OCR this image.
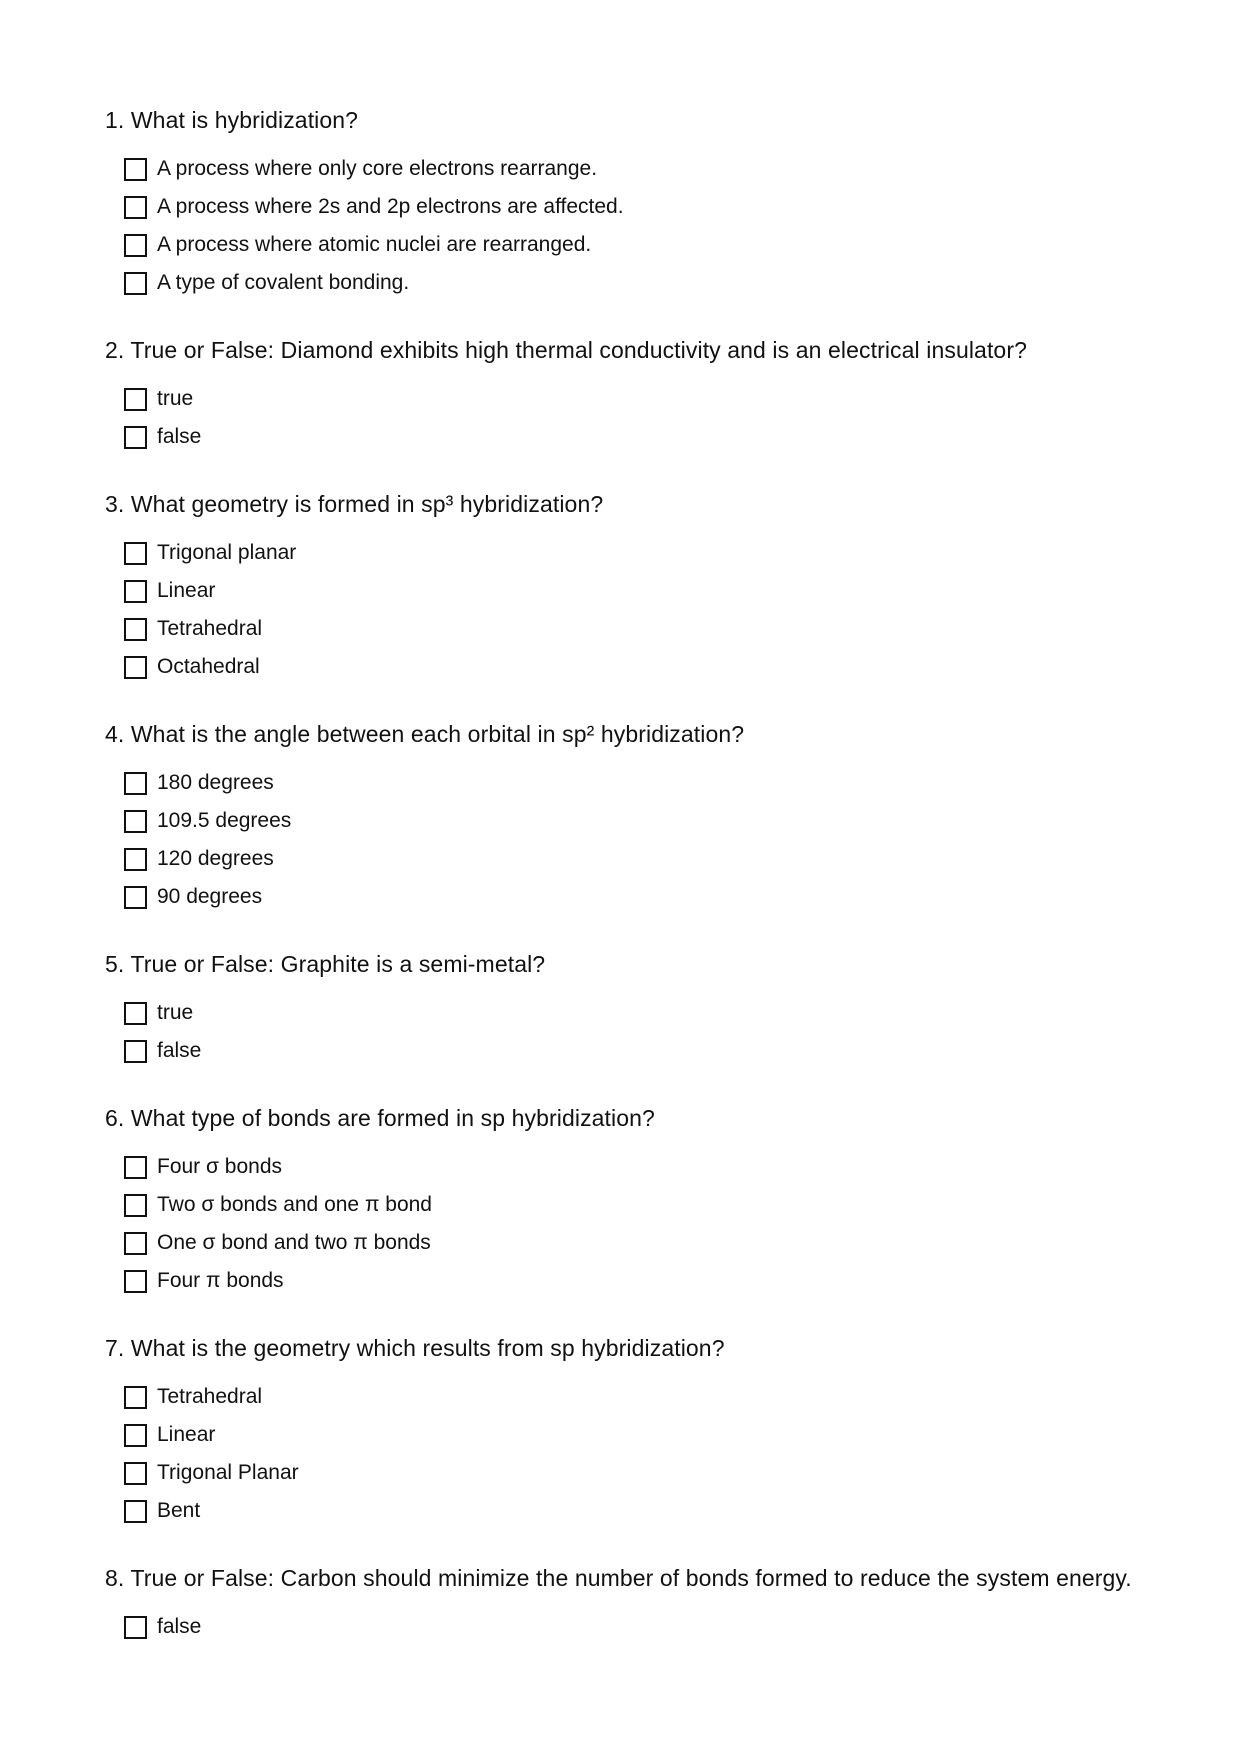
1. What is hybridization?
A process where only core electrons rearrange.
A process where 2s and 2p electrons are affected.
A process where atomic nuclei are rearranged.
A type of covalent bonding.
2. True or False: Diamond exhibits high thermal conductivity and is an electrical insulator?
true
false
3. What geometry is formed in sp³ hybridization?
Trigonal planar
Linear
Tetrahedral
Octahedral
4. What is the angle between each orbital in sp² hybridization?
180 degrees
109.5 degrees
120 degrees
90 degrees
5. True or False: Graphite is a semi-metal?
true
false
6. What type of bonds are formed in sp hybridization?
Four σ bonds
Two σ bonds and one π bond
One σ bond and two π bonds
Four π bonds
7. What is the geometry which results from sp hybridization?
Tetrahedral
Linear
Trigonal Planar
Bent
8. True or False: Carbon should minimize the number of bonds formed to reduce the system energy.
false
